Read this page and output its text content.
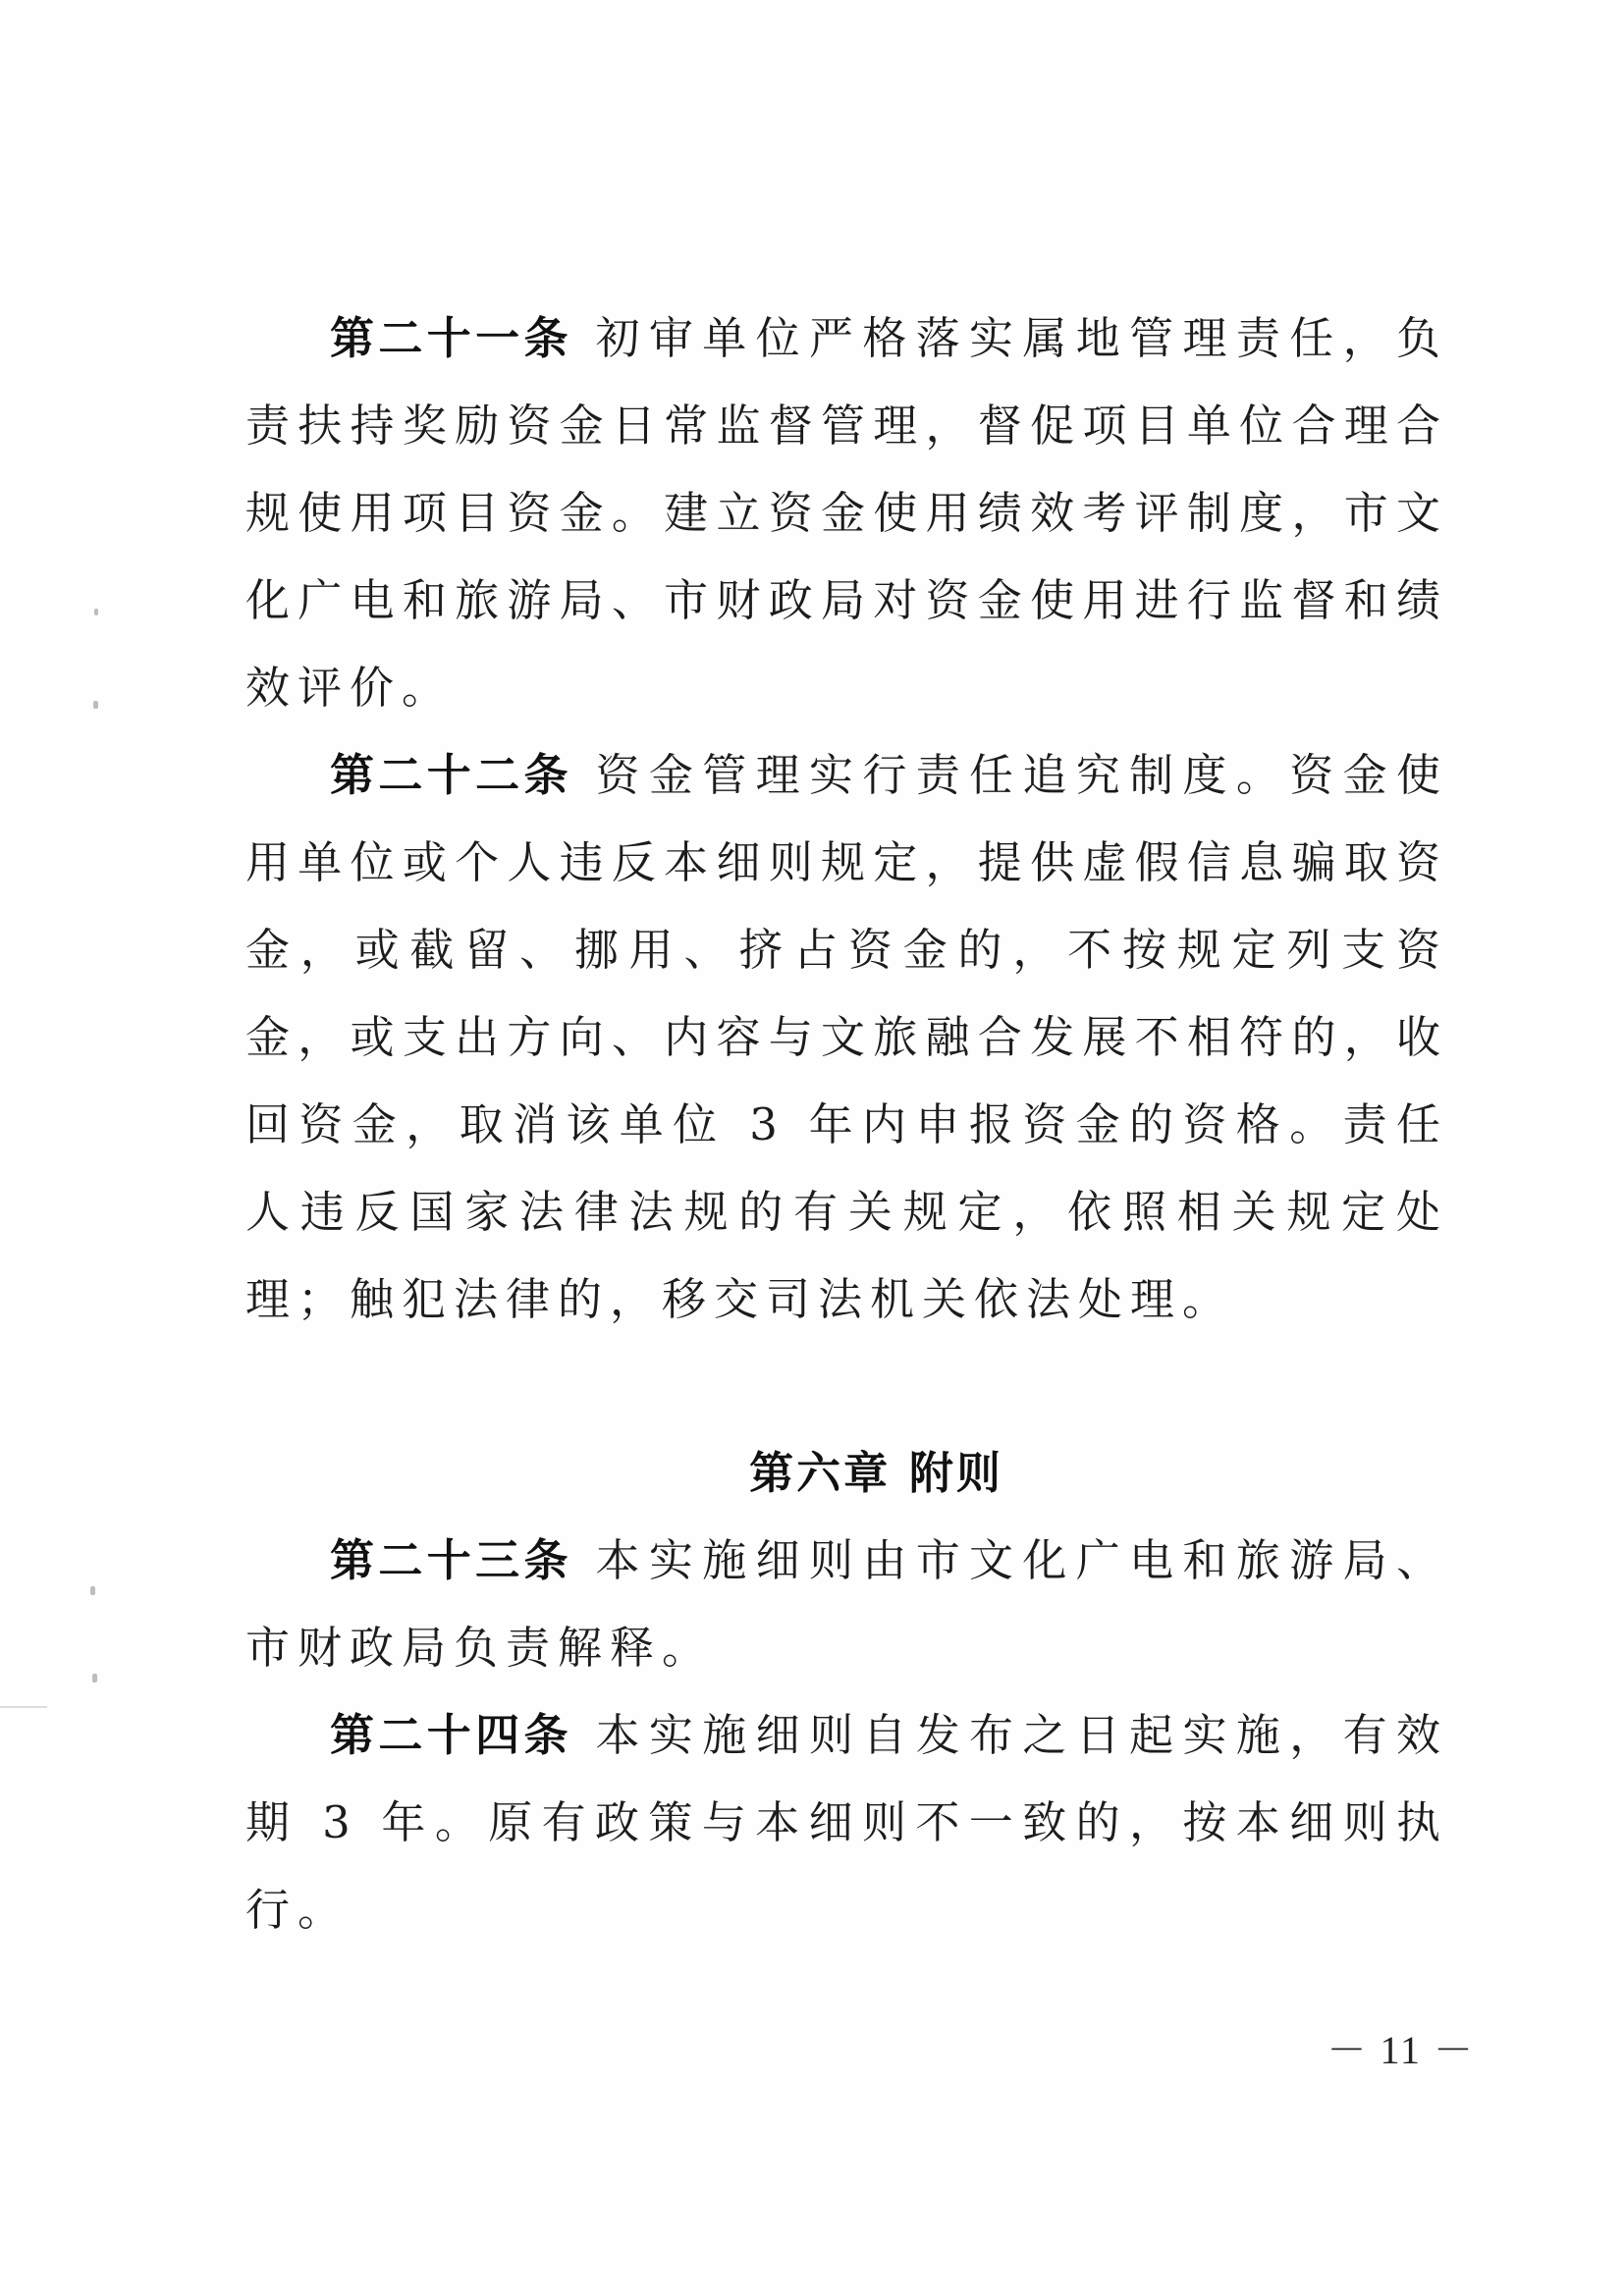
第二十一条 初审单位严格落实属地管理责任，负责扶持奖励资金日常监督管理，督促项目单位合理合规使用项目资金。建立资金使用绩效考评制度，市文化广电和旅游局、市财政局对资金使用进行监督和绩效评价。

第二十二条 资金管理实行责任追究制度。资金使用单位或个人违反本细则规定，提供虚假信息骗取资金，或截留、挪用、挤占资金的，不按规定列支资金，或支出方向、内容与文旅融合发展不相符的，收回资金，取消该单位 3 年内申报资金的资格。责任人违反国家法律法规的有关规定，依照相关规定处理；触犯法律的，移交司法机关依法处理。

第六章 附则

第二十三条 本实施细则由市文化广电和旅游局、市财政局负责解释。

第二十四条 本实施细则自发布之日起实施，有效期 3 年。原有政策与本细则不一致的，按本细则执行。

－ 11 －
